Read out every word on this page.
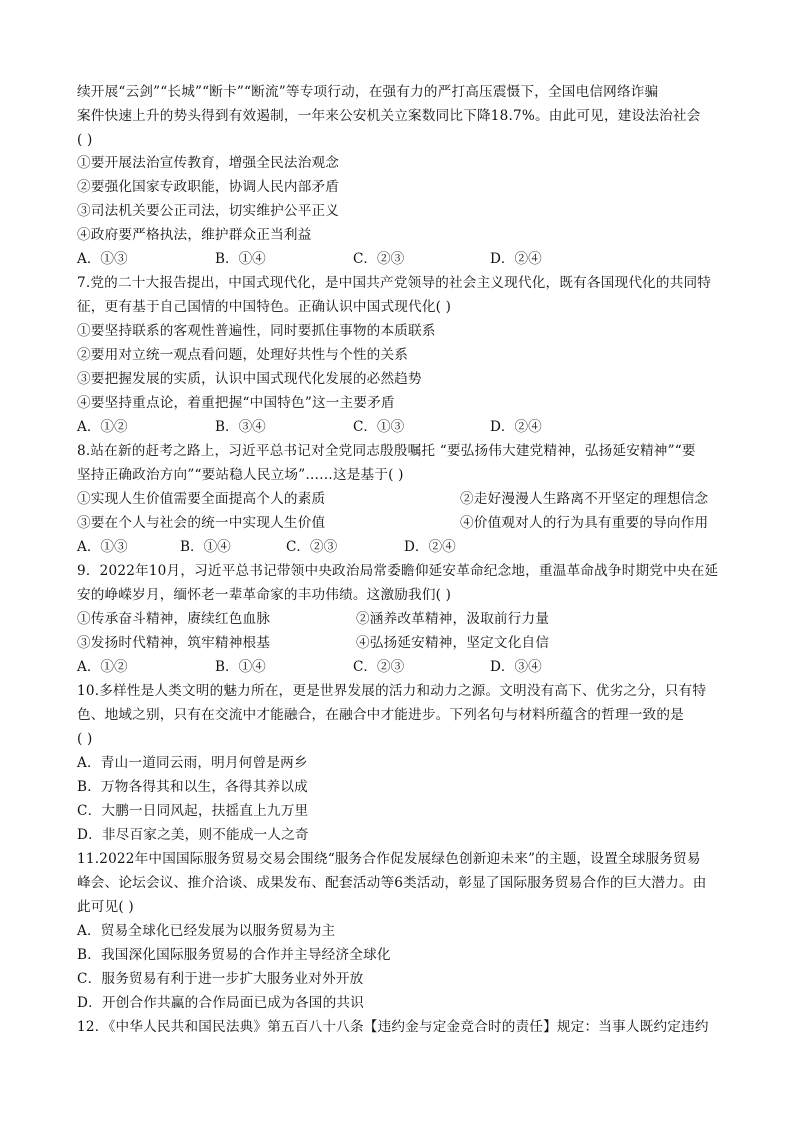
续开展“云剑”“长城”“断卡”“断流”等专项行动，在强有力的严打高压震慑下，全国电信网络诈骗
案件快速上升的势头得到有效遏制，一年来公安机关立案数同比下降18.7%。由此可见，建设法治社会
( )
①要开展法治宣传教育，增强全民法治观念
②要强化国家专政职能，协调人民内部矛盾
③司法机关要公正司法，切实维护公平正义
④政府要严格执法，维护群众正当利益
A．①③	B．①④	C．②③	D．②④
7.党的二十大报告提出，中国式现代化，是中国共产党领导的社会主义现代化，既有各国现代化的共同特
征，更有基于自己国情的中国特色。正确认识中国式现代化( )
①要坚持联系的客观性普遍性，同时要抓住事物的本质联系
②要用对立统一观点看问题，处理好共性与个性的关系
③要把握发展的实质，认识中国式现代化发展的必然趋势
④要坚持重点论，着重把握“中国特色”这一主要矛盾
A．①②	B．③④	C．①③	D．②④
8.站在新的赶考之路上，习近平总书记对全党同志殷殷嘱托 “要弘扬伟大建党精神，弘扬延安精神”“要
坚持正确政治方向”“要站稳人民立场”……这是基于( )
①实现人生价值需要全面提高个人的素质	②走好漫漫人生路离不开坚定的理想信念
③要在个人与社会的统一中实现人生价值	④价值观对人的行为具有重要的导向作用
A．①③	B．①④	C．②③	D．②④
9．2022年10月，习近平总书记带领中央政治局常委瞻仰延安革命纪念地，重温革命战争时期党中央在延
安的峥嵘岁月，缅怀老一辈革命家的丰功伟绩。这激励我们( )
①传承奋斗精神，赓续红色血脉	②涵养改革精神，汲取前行力量
③发扬时代精神，筑牢精神根基	④弘扬延安精神，坚定文化自信
A．①②	B．①④	C．②③	D．③④
10.多样性是人类文明的魅力所在，更是世界发展的活力和动力之源。文明没有高下、优劣之分，只有特
色、地域之别，只有在交流中才能融合，在融合中才能进步。下列名句与材料所蕴含的哲理一致的是
( )
A．青山一道同云雨，明月何曾是两乡
B．万物各得其和以生，各得其养以成
C．大鹏一日同风起，扶摇直上九万里
D．非尽百家之美，则不能成一人之奇
11.2022年中国国际服务贸易交易会围绕“服务合作促发展绿色创新迎未来”的主题，设置全球服务贸易
峰会、论坛会议、推介洽谈、成果发布、配套活动等6类活动，彰显了国际服务贸易合作的巨大潜力。由
此可见( )
A．贸易全球化已经发展为以服务贸易为主
B．我国深化国际服务贸易的合作并主导经济全球化
C．服务贸易有利于进一步扩大服务业对外开放
D．开创合作共赢的合作局面已成为各国的共识
12．《中华人民共和国民法典》第五百八十八条【违约金与定金竞合时的责任】规定：当事人既约定违约
